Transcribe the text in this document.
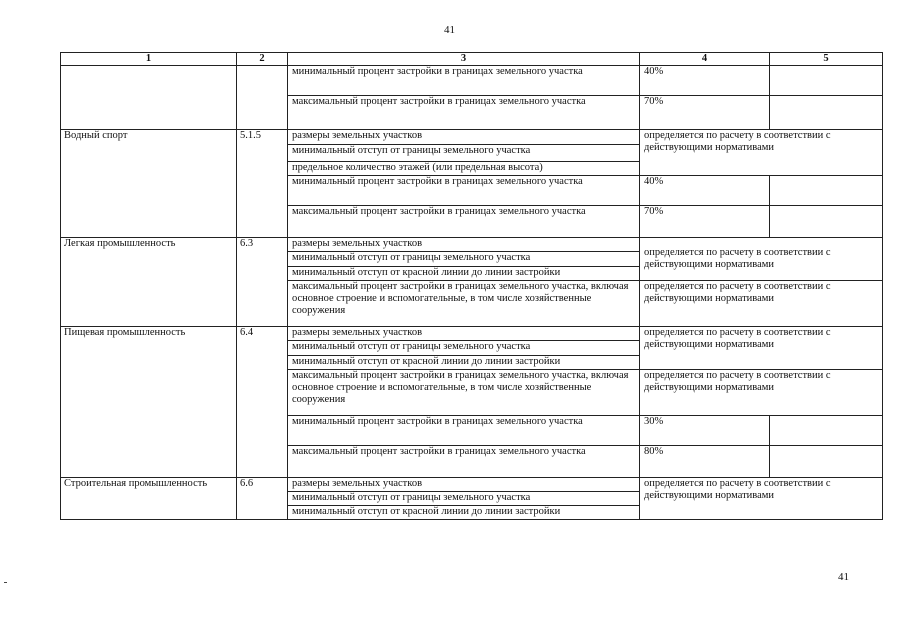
41
1	2	3	4	5
		минимальный процент застройки в границах земельного участка	40%	
		максимальный процент застройки в границах земельного участка	70%	
Водный спорт	5.1.5	размеры земельных участков	определяется по расчету в соответствии с действующими нормативами	
		минимальный отступ от границы земельного участка		
		предельное количество этажей (или предельная высота)		
		минимальный процент застройки в границах земельного участка	40%	
		максимальный процент застройки в границах земельного участка	70%	
Легкая промышленность	6.3	размеры земельных участков	определяется по расчету в соответствии с действующими нормативами	
		минимальный отступ от границы земельного участка		
		минимальный отступ от красной линии до линии застройки		
		максимальный процент застройки в границах земельного участка, включая основное строение и вспомогательные, в том числе хозяйственные сооружения	определяется по расчету в соответствии с действующими нормативами	
Пищевая промышленность	6.4	размеры земельных участков	определяется по расчету в соответствии с действующими нормативами	
		минимальный отступ от границы земельного участка		
		минимальный отступ от красной линии до линии застройки		
		максимальный процент застройки в границах земельного участка, включая основное строение и вспомогательные, в том числе хозяйственные сооружения	определяется по расчету в соответствии с действующими нормативами	
		минимальный процент застройки в границах земельного участка	30%	
		максимальный процент застройки в границах земельного участка	80%	
Строительная промышленность	6.6	размеры земельных участков	определяется по расчету в соответствии с действующими нормативами	
		минимальный отступ от границы земельного участка		
		минимальный отступ от красной линии до линии застройки		
41
